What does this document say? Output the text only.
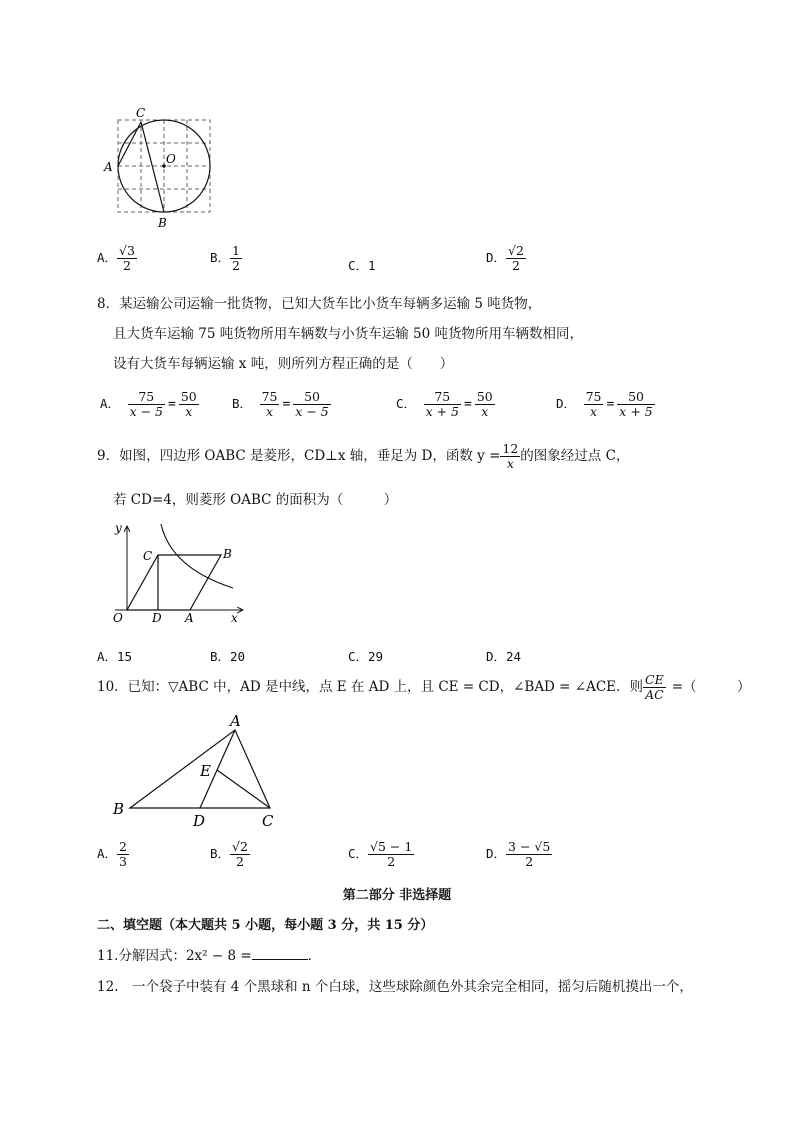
C
A
O
B
A． $\frac{√3}{2}$	B． $\frac{1}{2}$	C．1
D． $\frac{√2}{2}$
8．某运输公司运输一批货物，已知大货车比小货车每辆多运输 5 吨货物，
且大货车运输 75 吨货物所用车辆数与小货车运输 50 吨货物所用车辆数相同，
设有大货车每辆运输 x 吨，则所列方程正确的是（　　）
A． $\frac{75}{x - 5} = \frac{50}{x}$	B． $\frac{75}{x} = \frac{50}{x - 5}$	C． $\frac{75}{x + 5} = \frac{50}{x}$	D． $\frac{75}{x} = \frac{50}{x + 5}$
9．如图，四边形 OABC 是菱形，CD⊥x 轴，垂足为 D，函数 $y = \frac{12}{x}$ 的图象经过点 C，
若 CD=4，则菱形 OABC 的面积为（　　　）
y
x
C	B
O D A
A．15	B．20	C．29	D．24
10．已知：▽ABC 中，AD 是中线，点 E 在 AD 上，且 CE = CD，∠BAD = ∠ACE．则 $\frac{CE}{AC}$ =（　　　）
A
E
B
D	C
A． $\frac{2}{3}$	B． $\frac{√2}{2}$	C． $\frac{√5 - 1}{2}$	D． $\frac{3 - √5}{2}$
第二部分 非选择题
二、填空题（本大题共 5 小题，每小题 3 分，共 15 分）
11.分解因式：2x² − 8 =	．
12.　一个袋子中装有 4 个黑球和 n 个白球，这些球除颜色外其余完全相同，摇匀后随机摸出一个，
